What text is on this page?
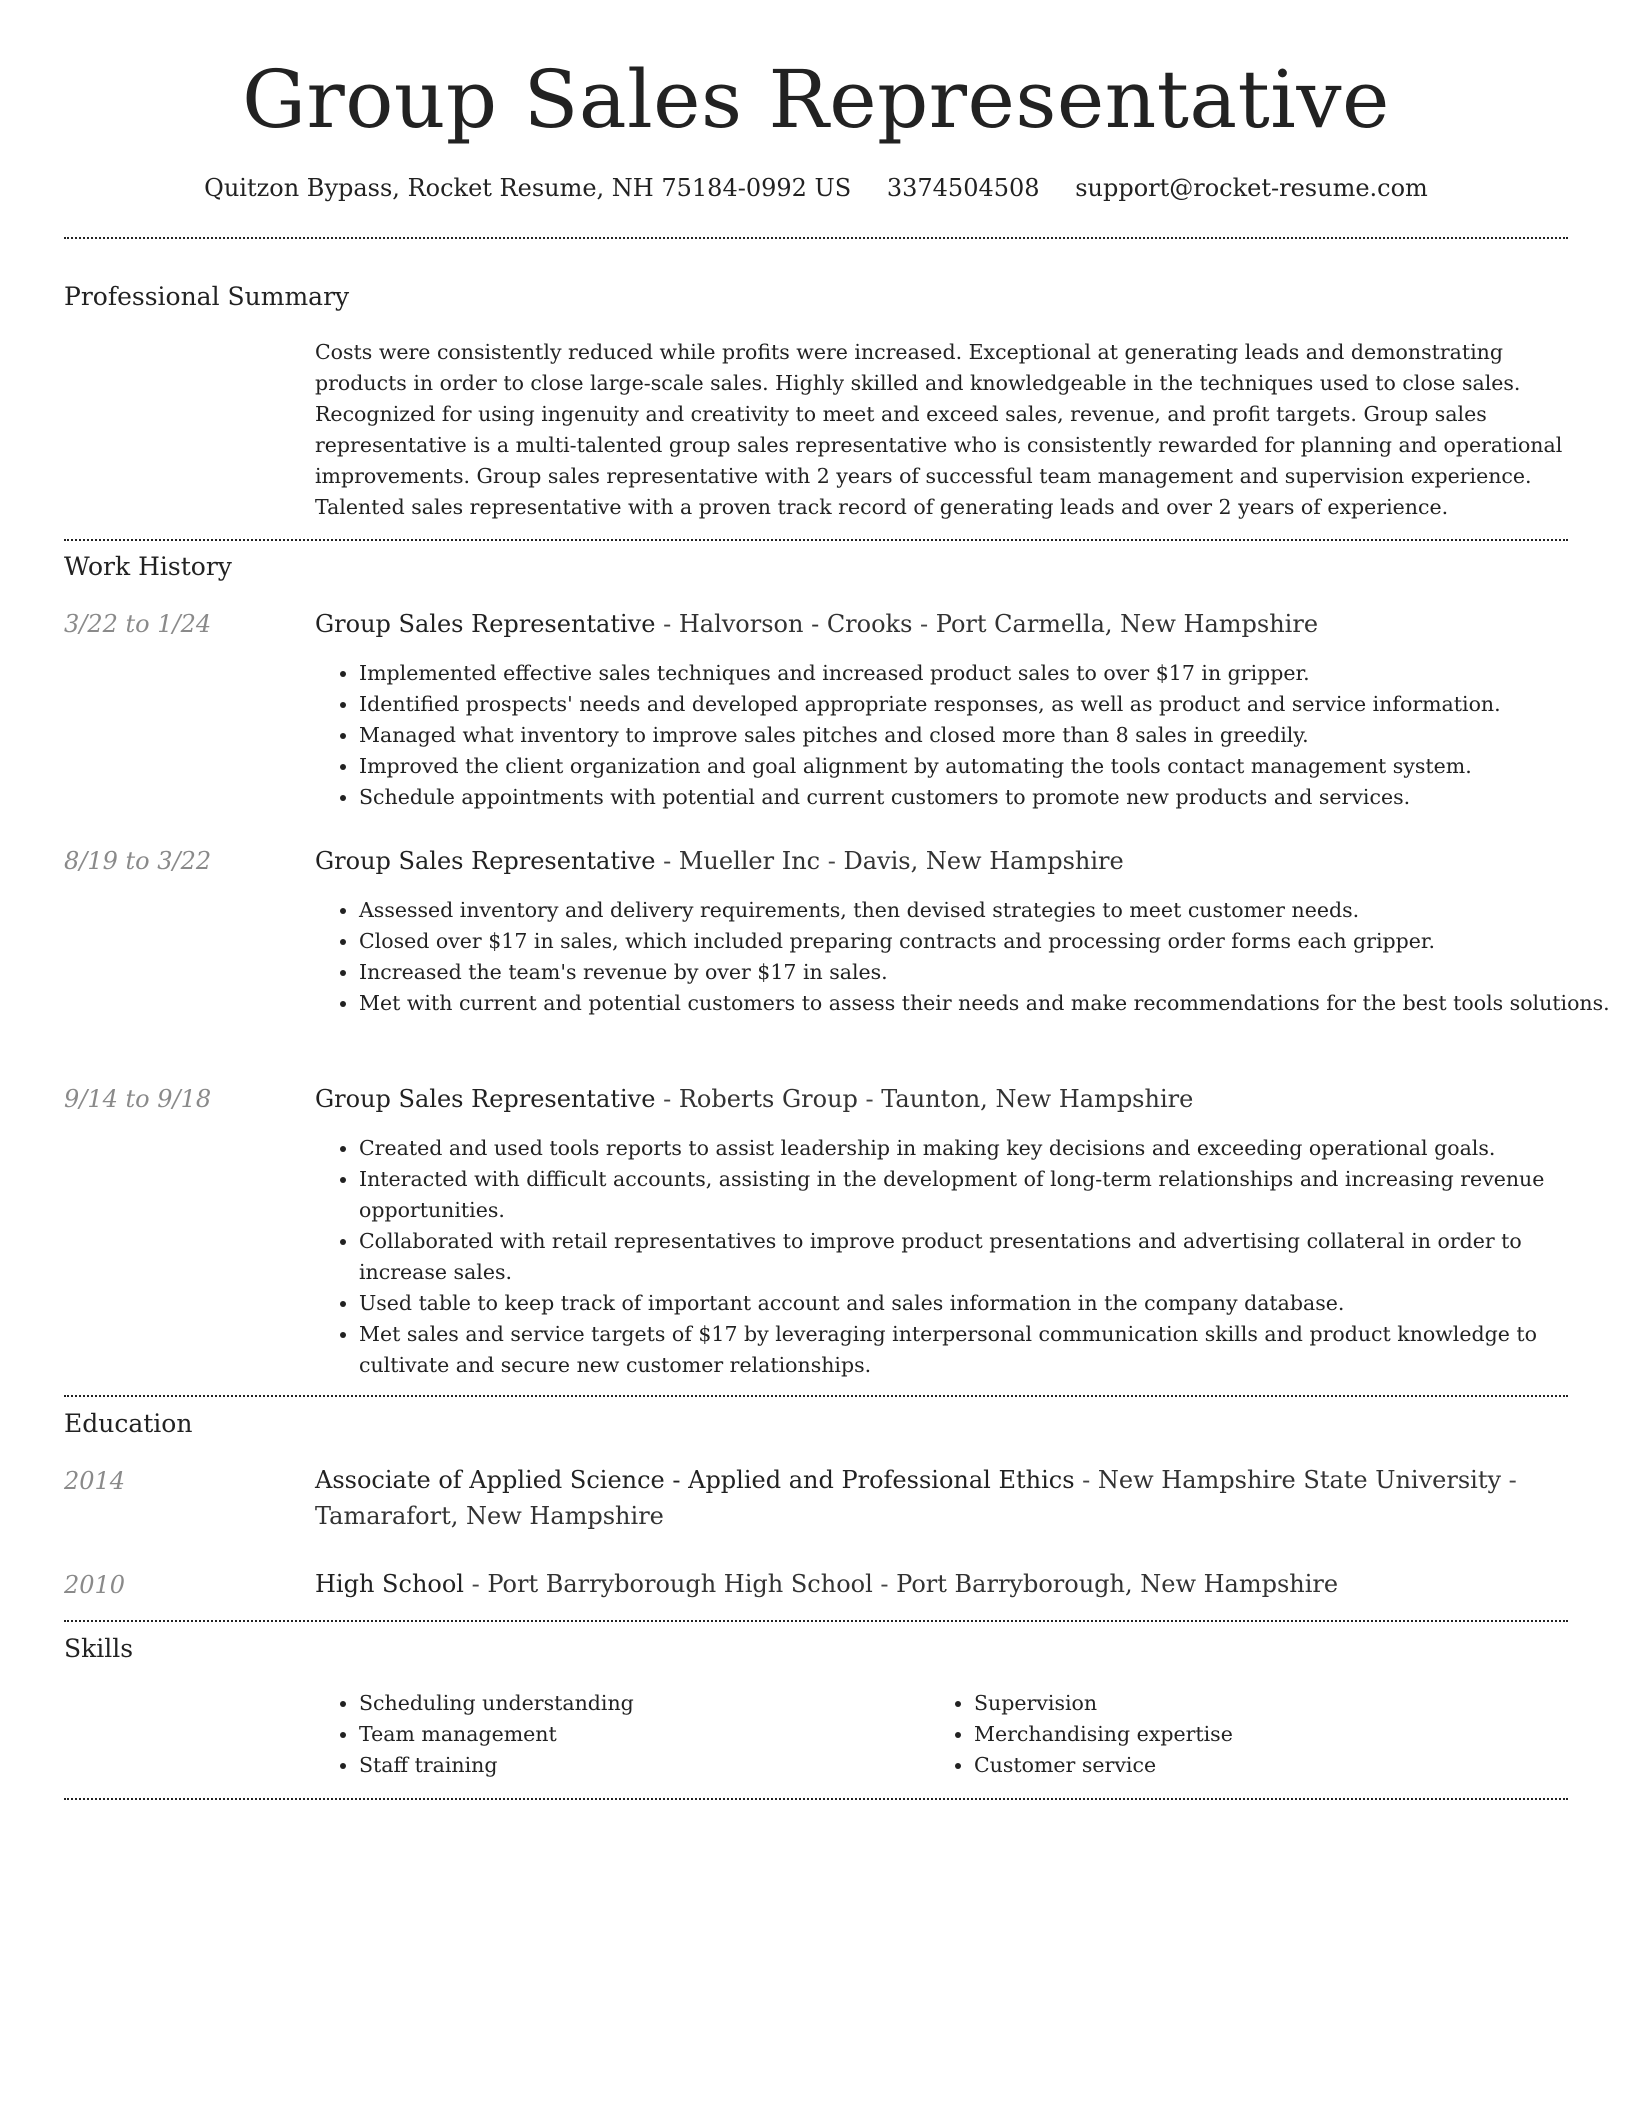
Group Sales Representative
Quitzon Bypass, Rocket Resume, NH 75184-0992 US 3374504508 support@rocket-resume.com
Professional Summary
Costs were consistently reduced while profits were increased. Exceptional at generating leads and demonstrating products in order to close large-scale sales. Highly skilled and knowledgeable in the techniques used to close sales. Recognized for using ingenuity and creativity to meet and exceed sales, revenue, and profit targets. Group sales representative is a multi-talented group sales representative who is consistently rewarded for planning and operational improvements. Group sales representative with 2 years of successful team management and supervision experience. Talented sales representative with a proven track record of generating leads and over 2 years of experience.
Work History
3/22 to 1/24	Group Sales Representative - Halvorson - Crooks - Port Carmella, New Hampshire
• Implemented effective sales techniques and increased product sales to over $17 in gripper.
• Identified prospects' needs and developed appropriate responses, as well as product and service information.
• Managed what inventory to improve sales pitches and closed more than 8 sales in greedily.
• Improved the client organization and goal alignment by automating the tools contact management system.
• Schedule appointments with potential and current customers to promote new products and services.
8/19 to 3/22	Group Sales Representative - Mueller Inc - Davis, New Hampshire
• Assessed inventory and delivery requirements, then devised strategies to meet customer needs.
• Closed over $17 in sales, which included preparing contracts and processing order forms each gripper.
• Increased the team's revenue by over $17 in sales.
• Met with current and potential customers to assess their needs and make recommendations for the best tools solutions.
9/14 to 9/18	Group Sales Representative - Roberts Group - Taunton, New Hampshire
• Created and used tools reports to assist leadership in making key decisions and exceeding operational goals.
• Interacted with difficult accounts, assisting in the development of long-term relationships and increasing revenue opportunities.
• Collaborated with retail representatives to improve product presentations and advertising collateral in order to increase sales.
• Used table to keep track of important account and sales information in the company database.
• Met sales and service targets of $17 by leveraging interpersonal communication skills and product knowledge to cultivate and secure new customer relationships.
Education
2014	Associate of Applied Science - Applied and Professional Ethics - New Hampshire State University - Tamarafort, New Hampshire
2010	High School - Port Barryborough High School - Port Barryborough, New Hampshire
Skills
• Scheduling understanding
• Team management
• Staff training
• Supervision
• Merchandising expertise
• Customer service
